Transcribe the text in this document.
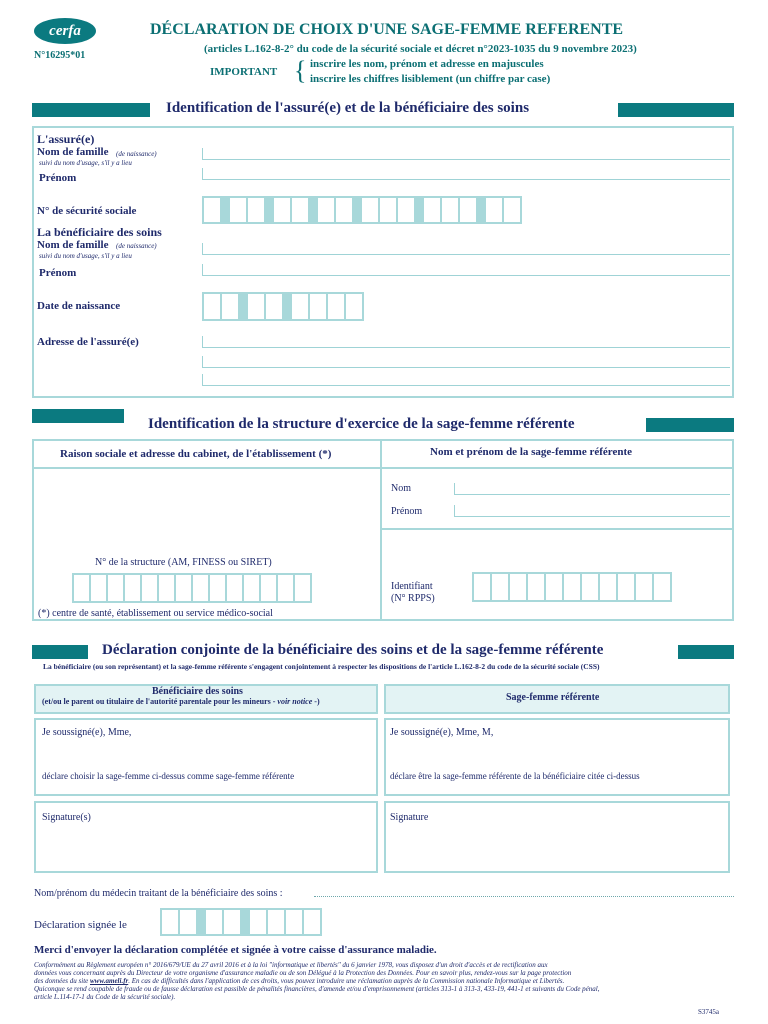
cerfa
N°16295*01
DÉCLARATION DE CHOIX D'UNE SAGE-FEMME REFERENTE
(articles L.162-8-2° du code de la sécurité sociale et décret n°2023-1035 du 9 novembre 2023)
IMPORTANT { inscrire les nom, prénom et adresse en majuscules
inscrire les chiffres lisiblement (un chiffre par case)
Identification de l'assuré(e) et de la bénéficiaire des soins
L'assuré(e)
Nom de famille (de naissance)
suivi du nom d'usage, s'il y a lieu
Prénom
N° de sécurité sociale
La bénéficiaire des soins
Nom de famille (de naissance)
suivi du nom d'usage, s'il y a lieu
Prénom
Date de naissance
Adresse de l'assuré(e)
Identification de la structure d'exercice de la sage-femme référente
Raison sociale et adresse du cabinet, de l'établissement (*)	Nom et prénom de la sage-femme référente
Nom
Prénom
N° de la structure (AM, FINESS ou SIRET)
(*) centre de santé, établissement ou service médico-social
Identifiant
(N° RPPS)
Déclaration conjointe de la bénéficiaire des soins et de la sage-femme référente
La bénéficiaire (ou son représentant) et la sage-femme référente s'engagent conjointement à respecter les dispositions de l'article L.162-8-2 du code de la sécurité sociale (CSS)
Bénéficiaire des soins
(et/ou le parent ou titulaire de l'autorité parentale pour les mineurs - voir notice -)	Sage-femme référente
Je soussigné(e), Mme,
déclare choisir la sage-femme ci-dessus comme sage-femme référente
Je soussigné(e), Mme, M,
déclare être la sage-femme référente de la bénéficiaire citée ci-dessus
Signature(s)	Signature
Nom/prénom du médecin traitant de la bénéficiaire des soins :
Déclaration signée le
Merci d'envoyer la déclaration complétée et signée à votre caisse d'assurance maladie.
Conformément au Règlement européen n° 2016/679/UE du 27 avril 2016 et à la loi "informatique et libertés" du 6 janvier 1978, vous disposez d'un droit d'accès et de rectification aux
données vous concernant auprès du Directeur de votre organisme d'assurance maladie ou de son Délégué à la Protection des Données. Pour en savoir plus, rendez-vous sur la page protection
des données du site www.ameli.fr. En cas de difficultés dans l'application de ces droits, vous pouvez introduire une réclamation auprès de la Commission nationale Informatique et Libertés.
Quiconque se rend coupable de fraude ou de fausse déclaration est passible de pénalités financières, d'amende et/ou d'emprisonnement (articles 313-1 à 313-3, 433-19, 441-1 et suivants du Code pénal,
article L.114-17-1 du Code de la sécurité sociale).
S3745a
